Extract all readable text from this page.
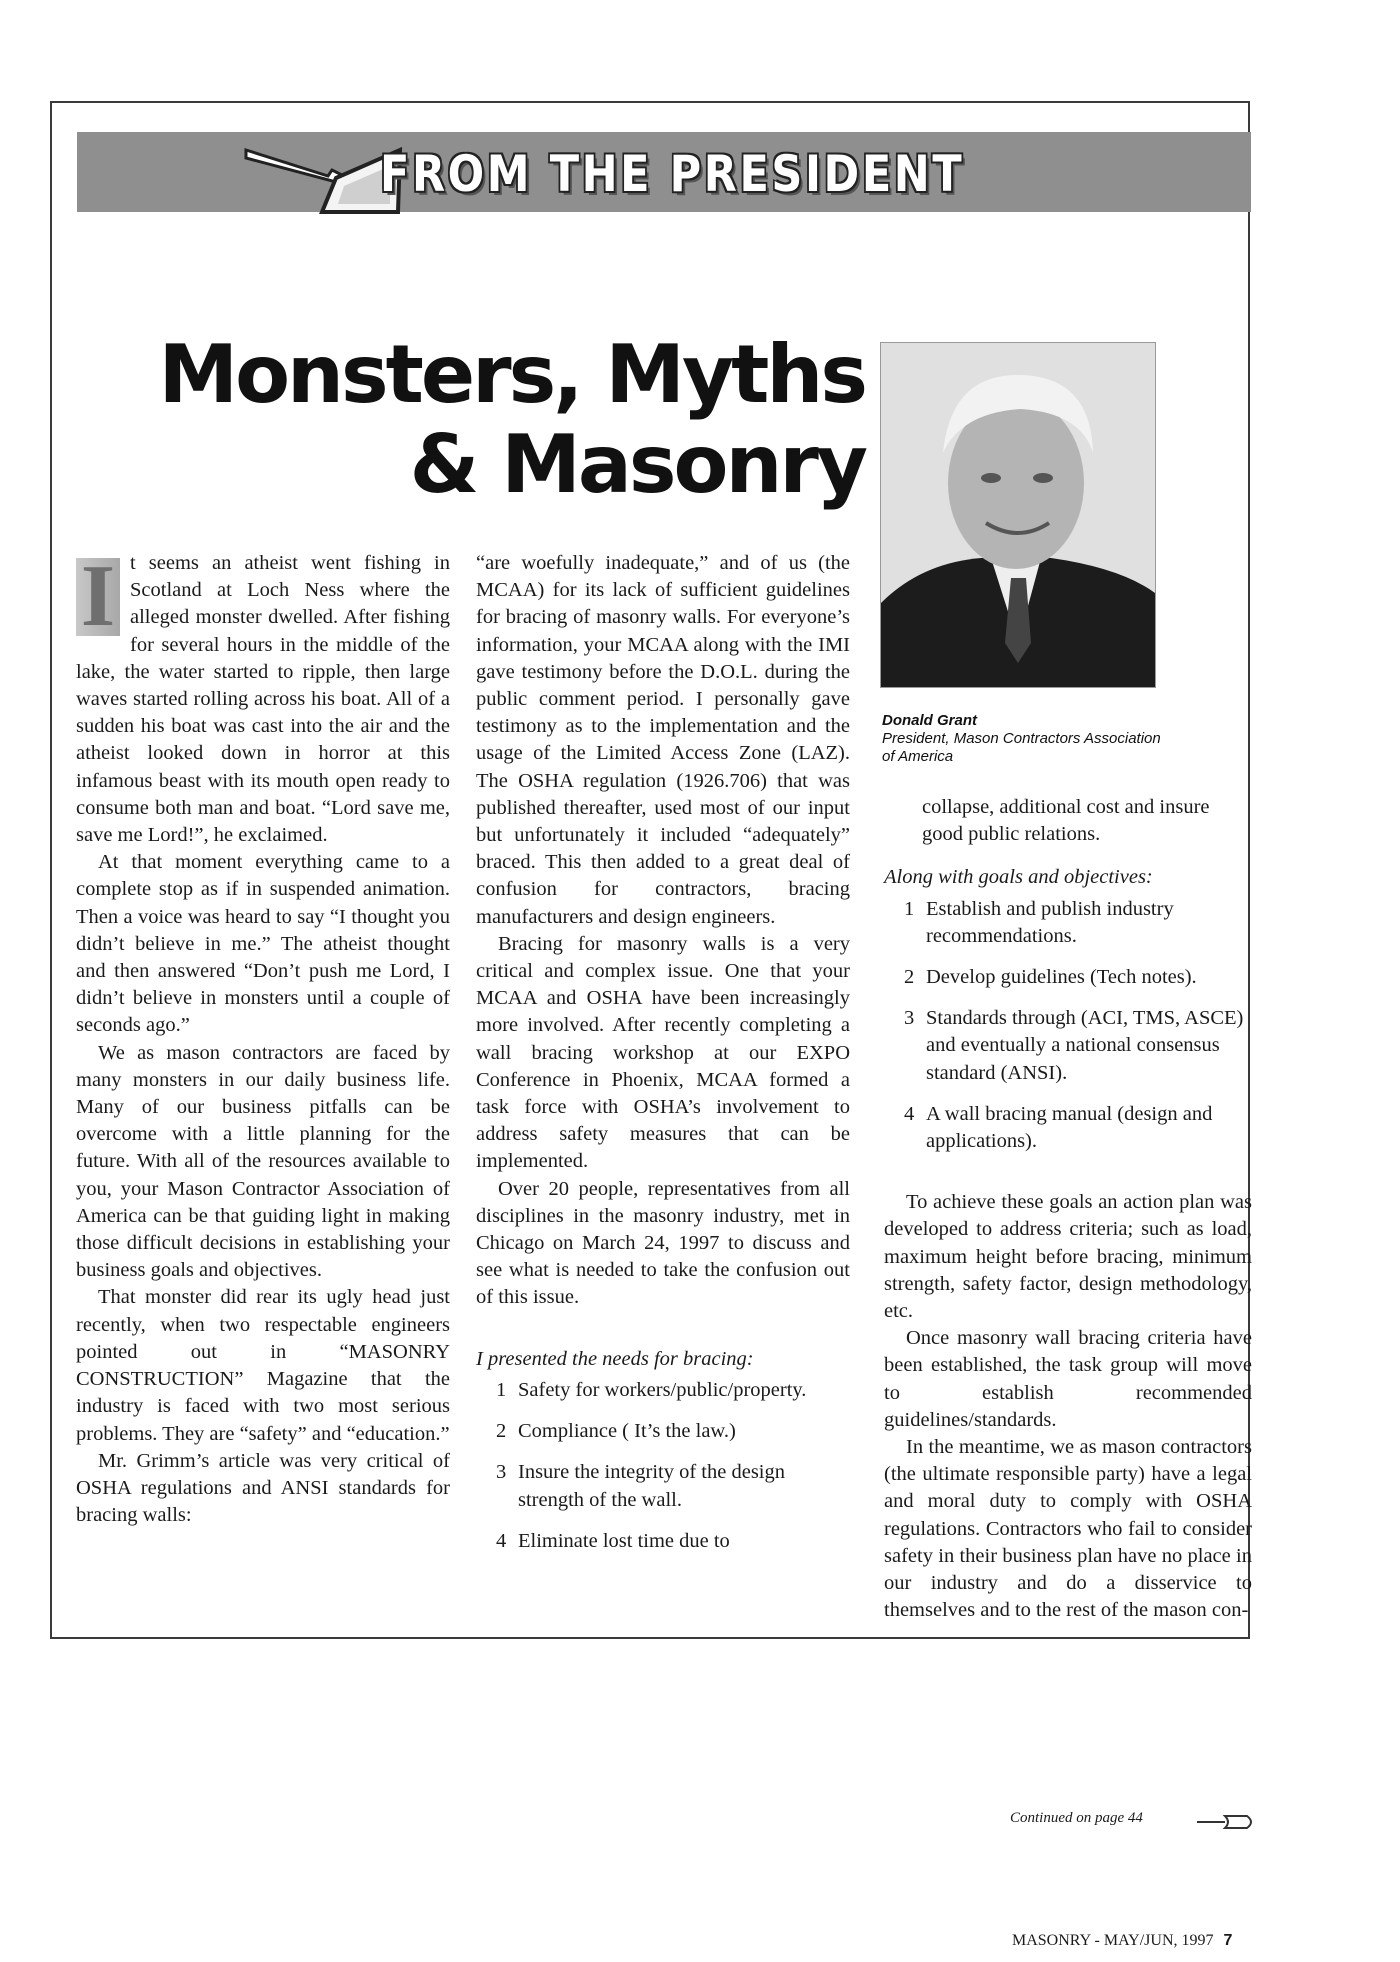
FROM THE PRESIDENT
Monsters, Myths
& Masonry
Donald Grant
President, Mason Contractors Association of America

I t seems an atheist went fishing in Scotland at Loch Ness where the alleged monster dwelled. After fishing for several hours in the middle of the lake, the water started to ripple, then large waves started rolling across his boat. All of a sudden his boat was cast into the air and the atheist looked down in horror at this infamous beast with its mouth open ready to consume both man and boat. “Lord save me, save me Lord!”, he exclaimed.

At that moment everything came to a complete stop as if in suspended animation. Then a voice was heard to say “I thought you didn’t believe in me.” The atheist thought and then answered “Don’t push me Lord, I didn’t believe in monsters until a couple of seconds ago.”

We as mason contractors are faced by many monsters in our daily business life. Many of our business pitfalls can be overcome with a little planning for the future. With all of the resources available to you, your Mason Contractor Association of America can be that guiding light in making those difficult decisions in establishing your business goals and objectives.

That monster did rear its ugly head just recently, when two respectable engineers pointed out in “MASONRY CONSTRUCTION” Magazine that the industry is faced with two most serious problems. They are “safety” and “education.”

Mr. Grimm’s article was very critical of OSHA regulations and ANSI standards for bracing walls:

“are woefully inadequate,” and of us (the MCAA) for its lack of sufficient guidelines for bracing of masonry walls. For everyone’s information, your MCAA along with the IMI gave testimony before the D.O.L. during the public comment period. I personally gave testimony as to the implementation and the usage of the Limited Access Zone (LAZ). The OSHA regulation (1926.706) that was published thereafter, used most of our input but unfortunately it included “adequately” braced. This then added to a great deal of confusion for contractors, bracing manufacturers and design engineers.

Bracing for masonry walls is a very critical and complex issue. One that your MCAA and OSHA have been increasingly more involved. After recently completing a wall bracing workshop at our EXPO Conference in Phoenix, MCAA formed a task force with OSHA’s involvement to address safety measures that can be implemented.

Over 20 people, representatives from all disciplines in the masonry industry, met in Chicago on March 24, 1997 to discuss and see what is needed to take the confusion out of this issue.

I presented the needs for bracing:

1 Safety for workers/public/property.
2 Compliance ( It’s the law.)
3 Insure the integrity of the design strength of the wall.
4 Eliminate lost time due to

collapse, additional cost and insure good public relations.

Along with goals and objectives:

1 Establish and publish industry recommendations.
2 Develop guidelines (Tech notes).
3 Standards through (ACI, TMS, ASCE) and eventually a national consensus standard (ANSI).
4 A wall bracing manual (design and applications).

To achieve these goals an action plan was developed to address criteria; such as load, maximum height before bracing, minimum strength, safety factor, design methodology, etc.

Once masonry wall bracing criteria have been established, the task group will move to establish recommended guidelines/standards.

In the meantime, we as mason contractors (the ultimate responsible party) have a legal and moral duty to comply with OSHA regulations. Contractors who fail to consider safety in their business plan have no place in our industry and do a disservice to themselves and to the rest of the mason con-

Continued on page 44
MASONRY - MAY/JUN, 1997 7
